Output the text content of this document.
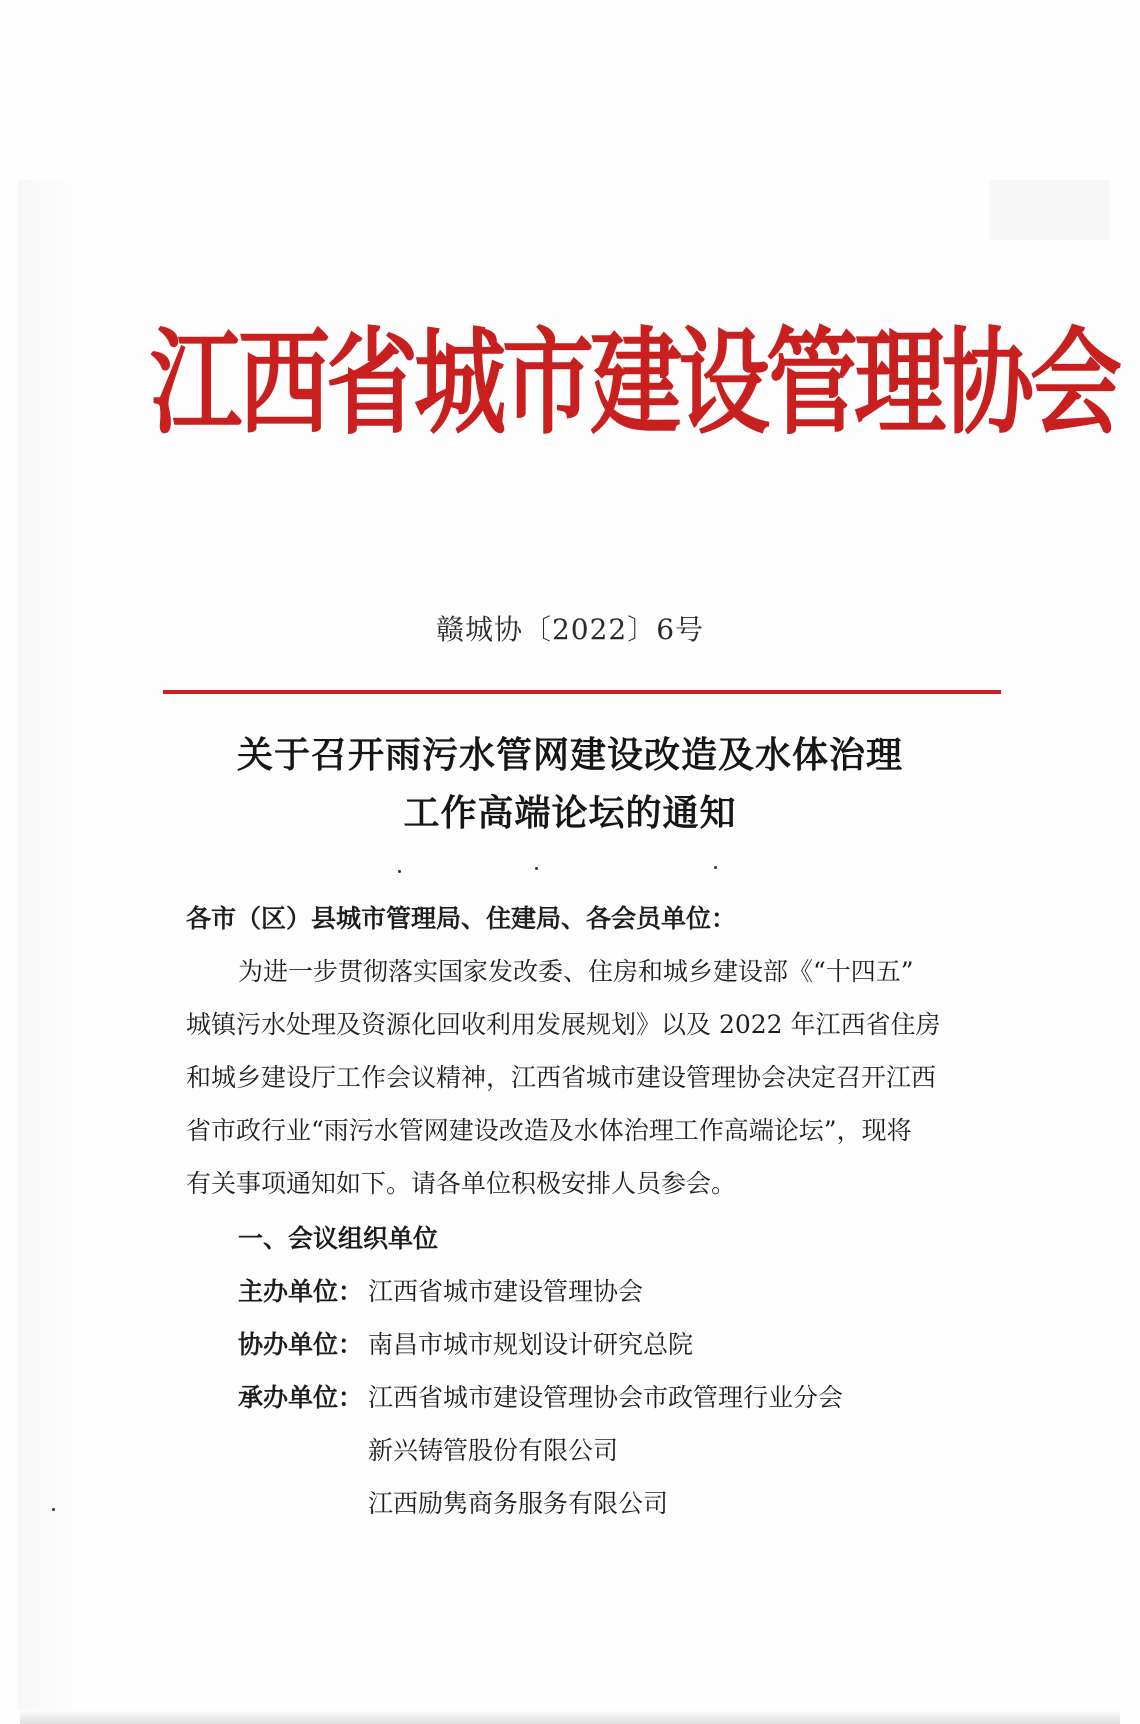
江西省城市建设管理协会
赣城协〔2022〕6号
关于召开雨污水管网建设改造及水体治理
工作高端论坛的通知
各市（区）县城市管理局、住建局、各会员单位：
为进一步贯彻落实国家发改委、住房和城乡建设部《“十四五”
城镇污水处理及资源化回收利用发展规划》以及 2022 年江西省住房
和城乡建设厅工作会议精神，江西省城市建设管理协会决定召开江西
省市政行业“雨污水管网建设改造及水体治理工作高端论坛”，现将
有关事项通知如下。请各单位积极安排人员参会。
一、会议组织单位
主办单位： 江西省城市建设管理协会
协办单位： 南昌市城市规划设计研究总院
承办单位： 江西省城市建设管理协会市政管理行业分会
新兴铸管股份有限公司
江西励隽商务服务有限公司
